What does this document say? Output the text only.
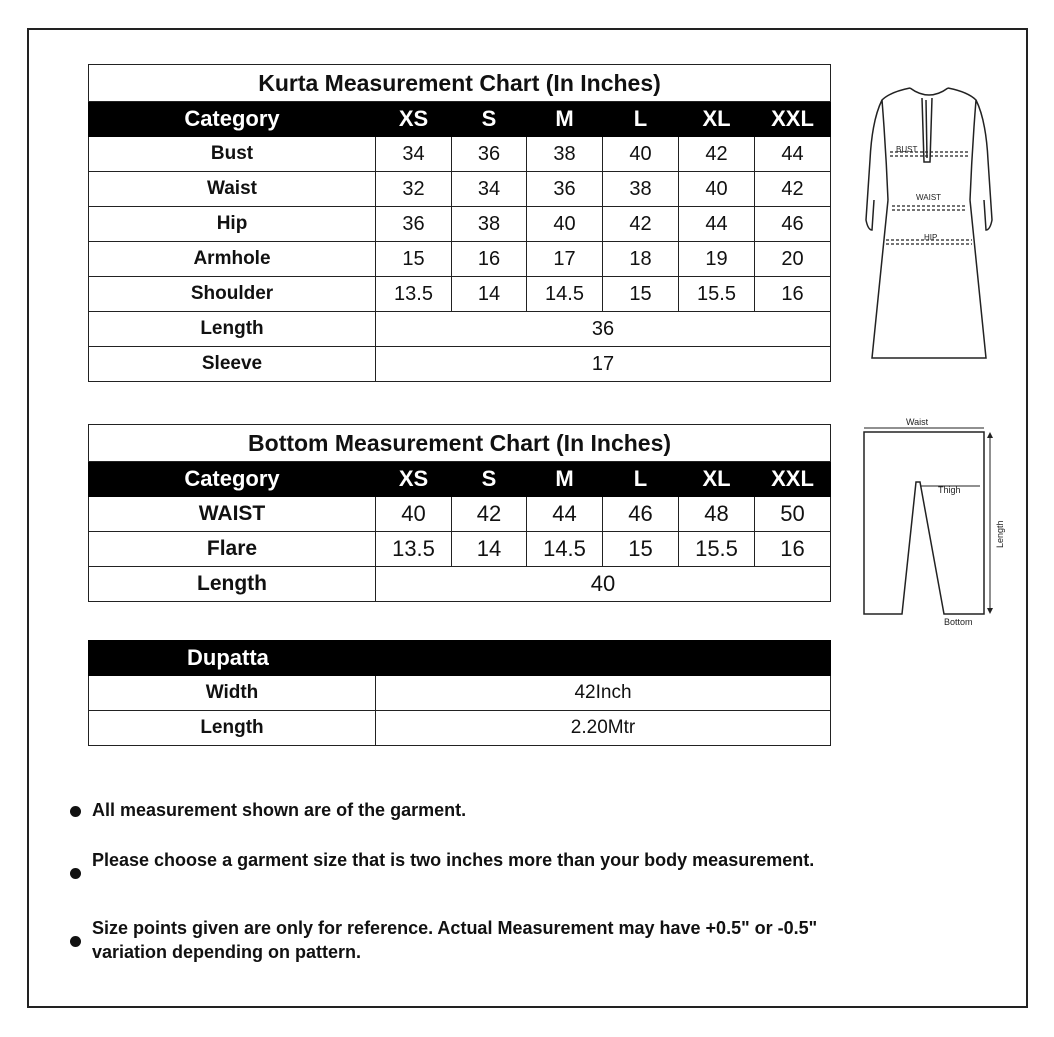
Kurta Measurement Chart (In Inches)						
Category	XS	S	M	L	XL	XXL
Bust	34	36	38	40	42	44
Waist	32	34	36	38	40	42
Hip	36	38	40	42	44	46
Armhole	15	16	17	18	19	20
Shoulder	13.5	14	14.5	15	15.5	16
Length	36					
Sleeve	17					
Bottom Measurement Chart (In Inches)						
Category	XS	S	M	L	XL	XXL
WAIST	40	42	44	46	48	50
Flare	13.5	14	14.5	15	15.5	16
Length	40					
Dupatta	
Width	42Inch
Length	2.20Mtr
All measurement shown are of the garment.
Please choose a garment size that is two inches more than your body measurement.
Size points given are only for reference. Actual Measurement may have +0.5" or -0.5" variation depending on pattern.
BUST
WAIST
HIP
Waist
Thigh
Length
Bottom
